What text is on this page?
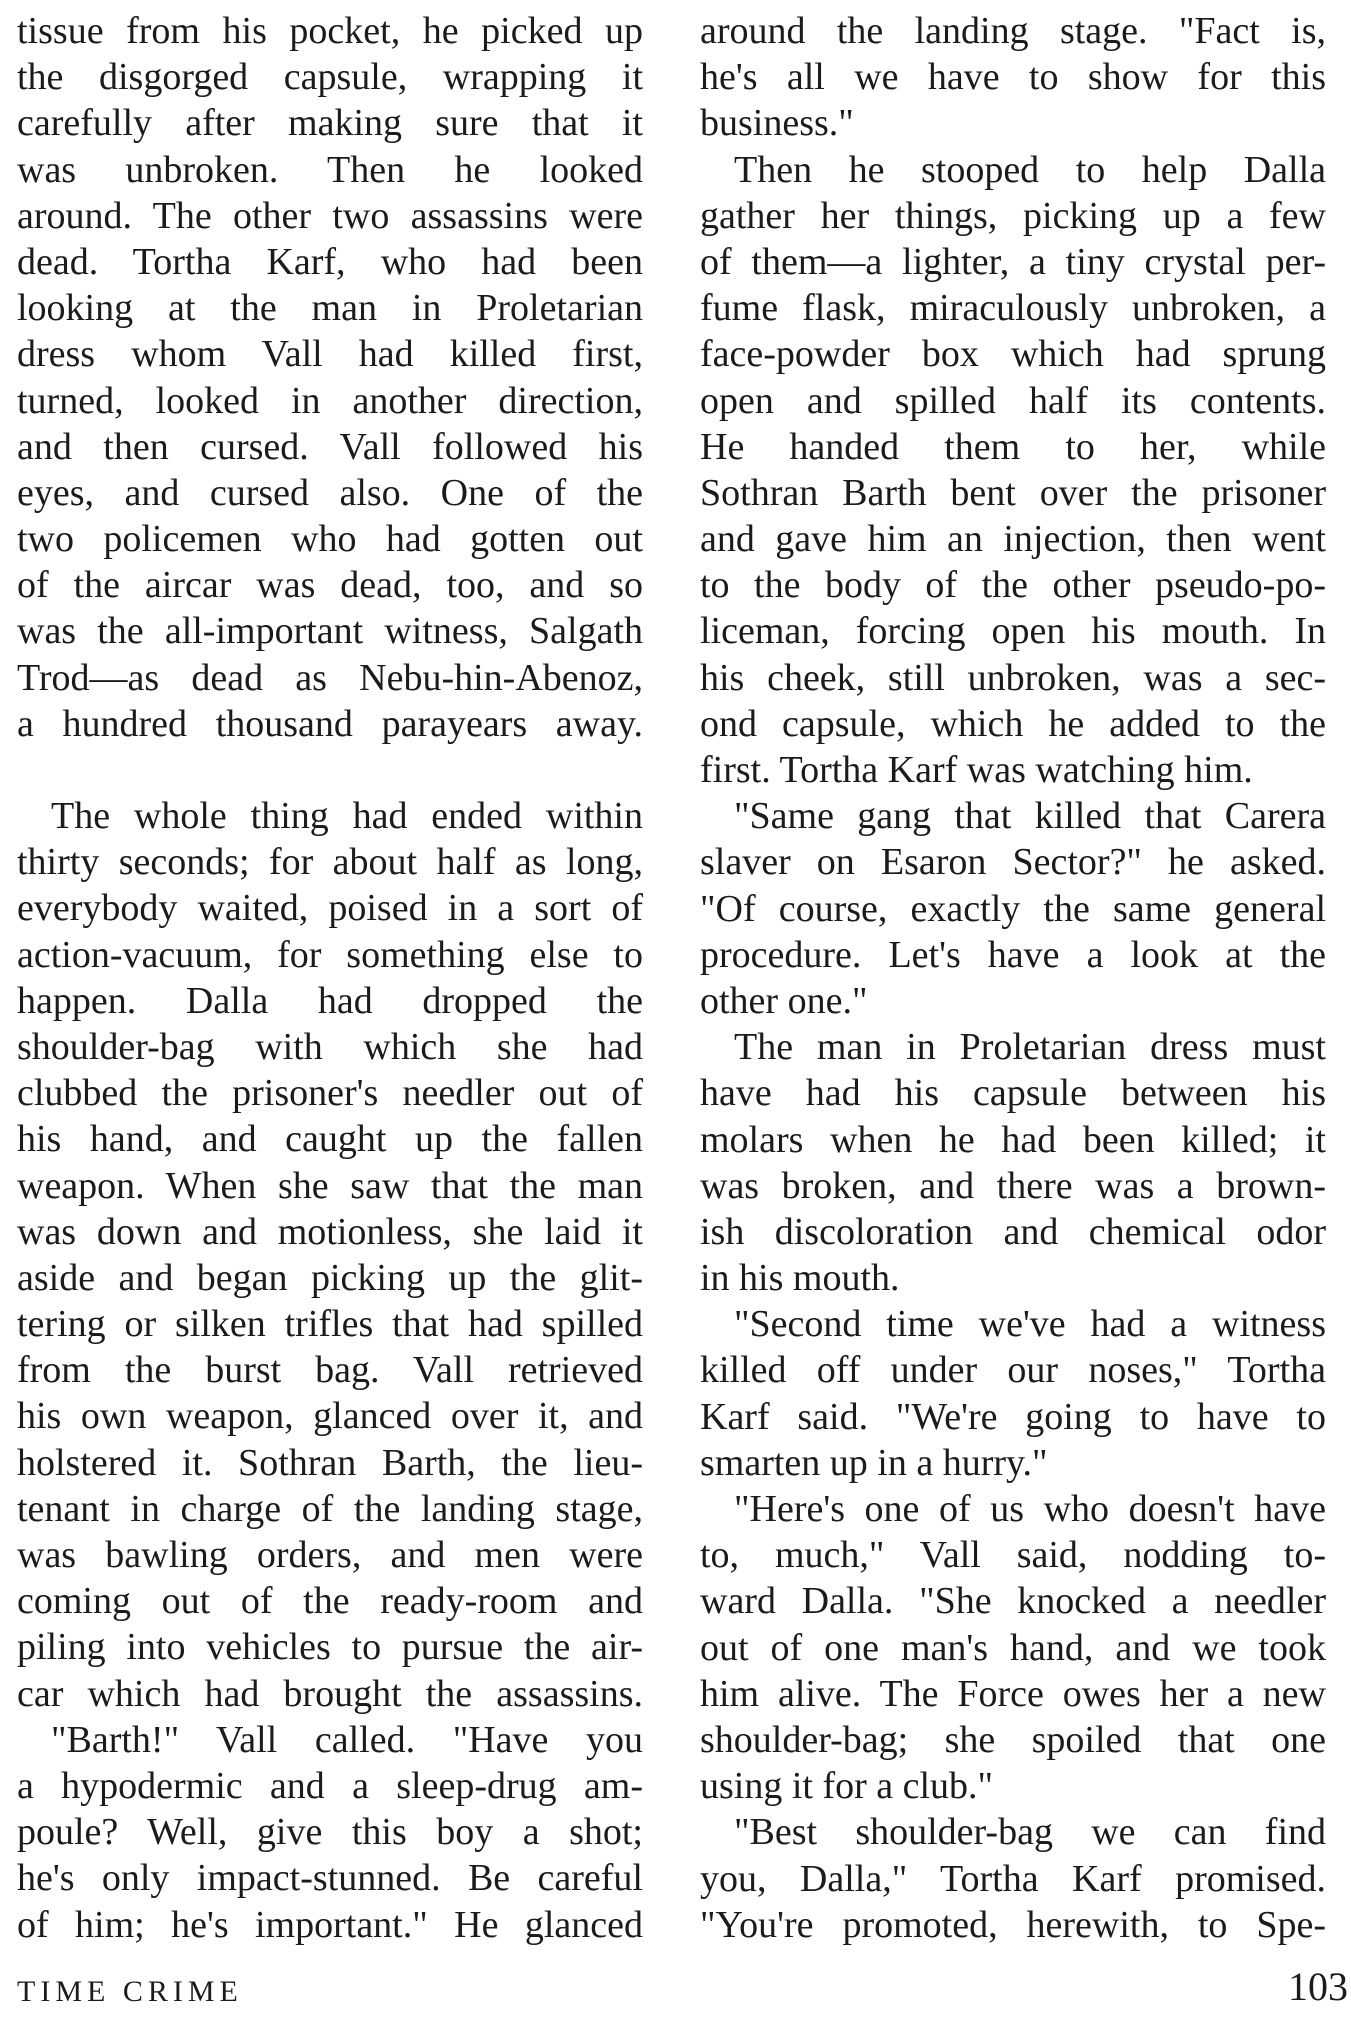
tissue from his pocket, he picked up
the disgorged capsule, wrapping it
carefully after making sure that it
was unbroken. Then he looked
around. The other two assassins were
dead. Tortha Karf, who had been
looking at the man in Proletarian
dress whom Vall had killed first,
turned, looked in another direction,
and then cursed. Vall followed his
eyes, and cursed also. One of the
two policemen who had gotten out
of the aircar was dead, too, and so
was the all-important witness, Salgath
Trod—as dead as Nebu-hin-Abenoz,
a hundred thousand parayears away.
The whole thing had ended within
thirty seconds; for about half as long,
everybody waited, poised in a sort of
action-vacuum, for something else to
happen. Dalla had dropped the
shoulder-bag with which she had
clubbed the prisoner's needler out of
his hand, and caught up the fallen
weapon. When she saw that the man
was down and motionless, she laid it
aside and began picking up the glit-
tering or silken trifles that had spilled
from the burst bag. Vall retrieved
his own weapon, glanced over it, and
holstered it. Sothran Barth, the lieu-
tenant in charge of the landing stage,
was bawling orders, and men were
coming out of the ready-room and
piling into vehicles to pursue the air-
car which had brought the assassins.
"Barth!" Vall called. "Have you
a hypodermic and a sleep-drug am-
poule? Well, give this boy a shot;
he's only impact-stunned. Be careful
of him; he's important." He glanced
around the landing stage. "Fact is,
he's all we have to show for this
business."
Then he stooped to help Dalla
gather her things, picking up a few
of them—a lighter, a tiny crystal per-
fume flask, miraculously unbroken, a
face-powder box which had sprung
open and spilled half its contents.
He handed them to her, while
Sothran Barth bent over the prisoner
and gave him an injection, then went
to the body of the other pseudo-po-
liceman, forcing open his mouth. In
his cheek, still unbroken, was a sec-
ond capsule, which he added to the
first. Tortha Karf was watching him.
"Same gang that killed that Carera
slaver on Esaron Sector?" he asked.
"Of course, exactly the same general
procedure. Let's have a look at the
other one."
The man in Proletarian dress must
have had his capsule between his
molars when he had been killed; it
was broken, and there was a brown-
ish discoloration and chemical odor
in his mouth.
"Second time we've had a witness
killed off under our noses," Tortha
Karf said. "We're going to have to
smarten up in a hurry."
"Here's one of us who doesn't have
to, much," Vall said, nodding to-
ward Dalla. "She knocked a needler
out of one man's hand, and we took
him alive. The Force owes her a new
shoulder-bag; she spoiled that one
using it for a club."
"Best shoulder-bag we can find
you, Dalla," Tortha Karf promised.
"You're promoted, herewith, to Spe-
TIME CRIME	103
